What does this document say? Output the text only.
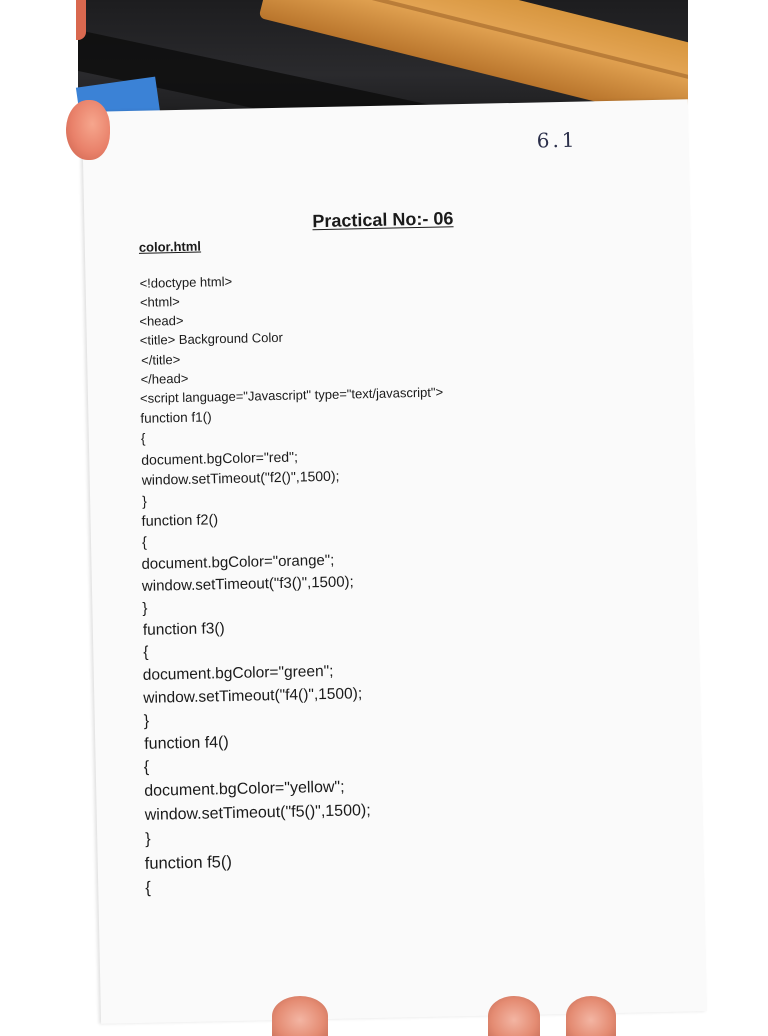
6.1
Practical No:- 06
color.html
<!doctype html>
<html>
<head>
<title> Background Color
</title>
</head>
<script language="Javascript" type="text/javascript">
function f1()
{
document.bgColor="red";
window.setTimeout("f2()",1500);
}
function f2()
{
document.bgColor="orange";
window.setTimeout("f3()",1500);
}
function f3()
{
document.bgColor="green";
window.setTimeout("f4()",1500);
}
function f4()
{
document.bgColor="yellow";
window.setTimeout("f5()",1500);
}
function f5()
{
